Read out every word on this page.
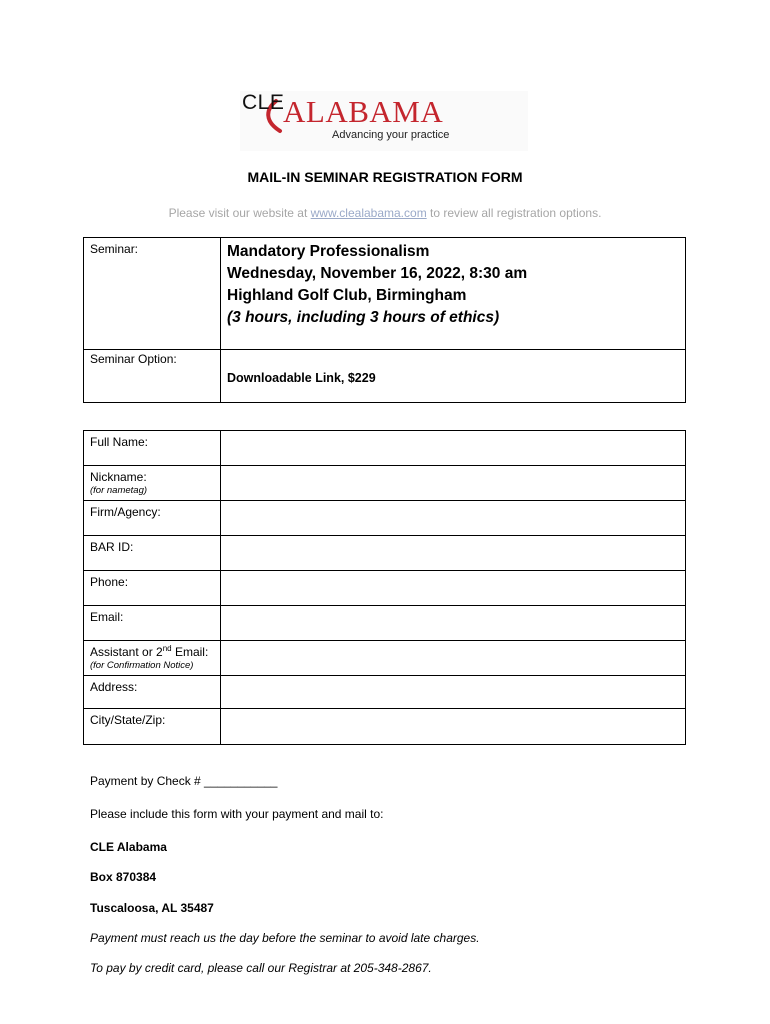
CLE
ALABAMA
Advancing your practice
MAIL-IN SEMINAR REGISTRATION FORM
Please visit our website at www.clealabama.com to review all registration options.
Seminar:	Mandatory Professionalism
Wednesday, November 16, 2022, 8:30 am
Highland Golf Club, Birmingham
(3 hours, including 3 hours of ethics)
Seminar Option:
Downloadable Link, $229
Full Name:
Nickname:
(for nametag)
Firm/Agency:
BAR ID:
Phone:
Email:
Assistant or 2nd Email:
(for Confirmation Notice)
Address:
City/State/Zip:
Payment by Check # ___________
Please include this form with your payment and mail to:
CLE Alabama
Box 870384
Tuscaloosa, AL 35487
Payment must reach us the day before the seminar to avoid late charges.
To pay by credit card, please call our Registrar at 205-348-2867.
